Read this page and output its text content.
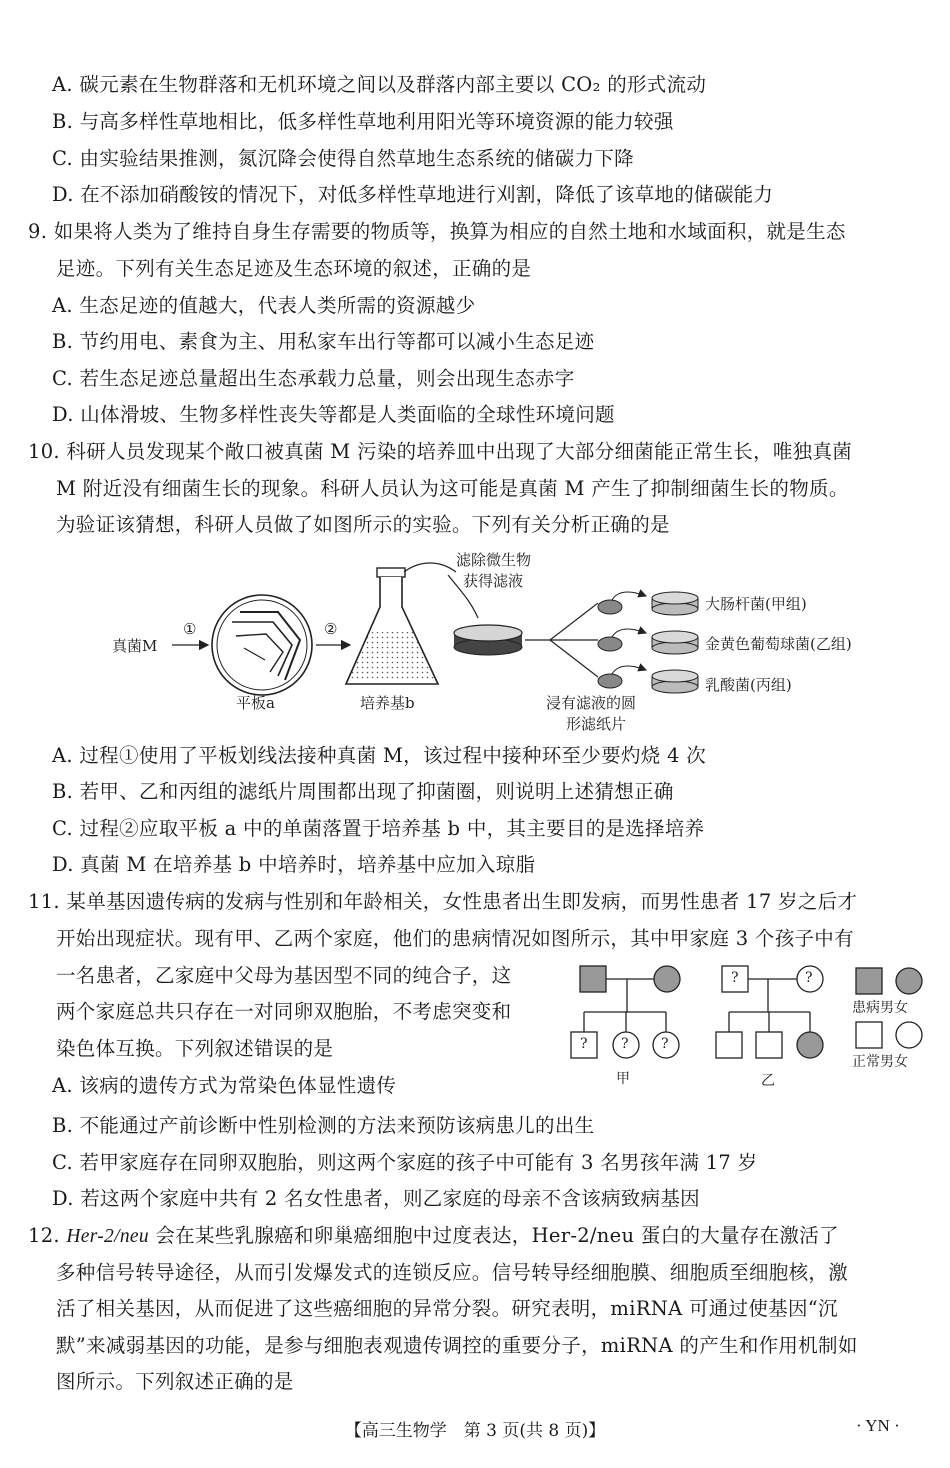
A. 碳元素在生物群落和无机环境之间以及群落内部主要以 CO₂ 的形式流动
B. 与高多样性草地相比，低多样性草地利用阳光等环境资源的能力较强
C. 由实验结果推测，氮沉降会使得自然草地生态系统的储碳力下降
D. 在不添加硝酸铵的情况下，对低多样性草地进行刈割，降低了该草地的储碳能力
9. 如果将人类为了维持自身生存需要的物质等，换算为相应的自然土地和水域面积，就是生态
足迹。下列有关生态足迹及生态环境的叙述，正确的是
A. 生态足迹的值越大，代表人类所需的资源越少
B. 节约用电、素食为主、用私家车出行等都可以减小生态足迹
C. 若生态足迹总量超出生态承载力总量，则会出现生态赤字
D. 山体滑坡、生物多样性丧失等都是人类面临的全球性环境问题
10. 科研人员发现某个敞口被真菌 M 污染的培养皿中出现了大部分细菌能正常生长，唯独真菌
M 附近没有细菌生长的现象。科研人员认为这可能是真菌 M 产生了抑制细菌生长的物质。
为验证该猜想，科研人员做了如图所示的实验。下列有关分析正确的是
真菌M
①	②
平板a	培养基b
滤除微生物
获得滤液
浸有滤液的圆
形滤纸片
大肠杆菌(甲组)
金黄色葡萄球菌(乙组)
乳酸菌(丙组)
A. 过程①使用了平板划线法接种真菌 M，该过程中接种环至少要灼烧 4 次
B. 若甲、乙和丙组的滤纸片周围都出现了抑菌圈，则说明上述猜想正确
C. 过程②应取平板 a 中的单菌落置于培养基 b 中，其主要目的是选择培养
D. 真菌 M 在培养基 b 中培养时，培养基中应加入琼脂
11. 某单基因遗传病的发病与性别和年龄相关，女性患者出生即发病，而男性患者 17 岁之后才
开始出现症状。现有甲、乙两个家庭，他们的患病情况如图所示，其中甲家庭 3 个孩子中有
一名患者，乙家庭中父母为基因型不同的纯合子，这
两个家庭总共只存在一对同卵双胞胎，不考虑突变和
染色体互换。下列叙述错误的是	? ? ?
?	?
甲	乙
患病男女
正常男女
A. 该病的遗传方式为常染色体显性遗传
B. 不能通过产前诊断中性别检测的方法来预防该病患儿的出生
C. 若甲家庭存在同卵双胞胎，则这两个家庭的孩子中可能有 3 名男孩年满 17 岁
D. 若这两个家庭中共有 2 名女性患者，则乙家庭的母亲不含该病致病基因
12. Her-2/neu 会在某些乳腺癌和卵巢癌细胞中过度表达，Her-2/neu 蛋白的大量存在激活了
多种信号转导途径，从而引发爆发式的连锁反应。信号转导经细胞膜、细胞质至细胞核，激
活了相关基因，从而促进了这些癌细胞的异常分裂。研究表明，miRNA 可通过使基因“沉
默”来减弱基因的功能，是参与细胞表观遗传调控的重要分子，miRNA 的产生和作用机制如
图所示。下列叙述正确的是
【高三生物学　第 3 页(共 8 页)】	· YN ·
